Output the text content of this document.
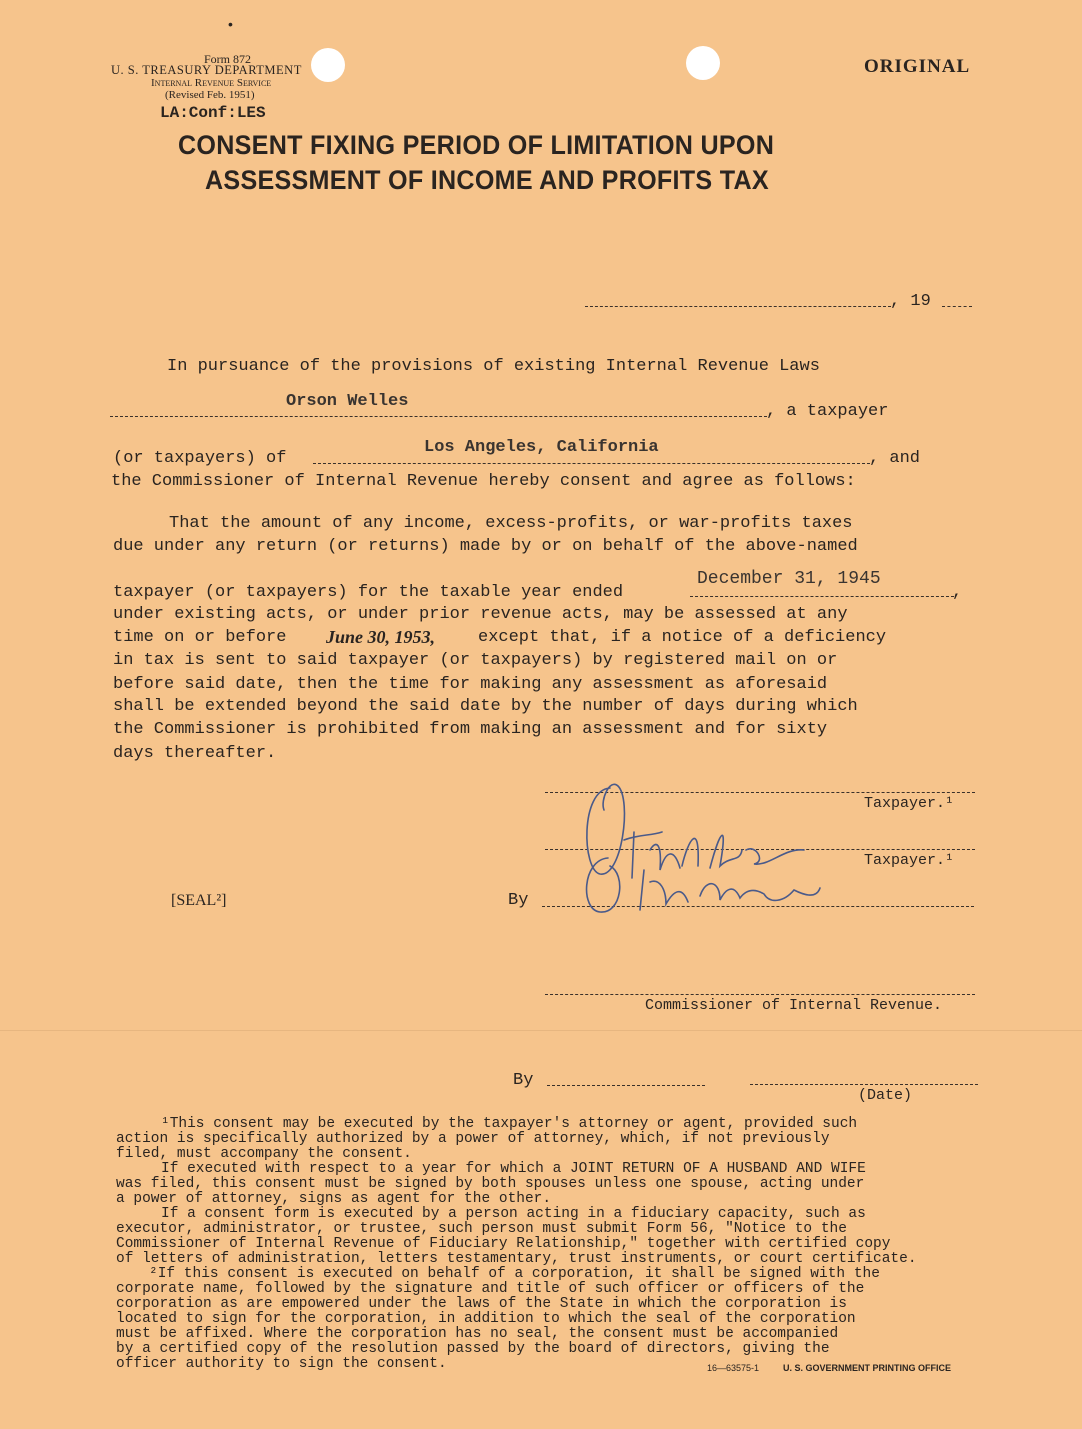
•
Form 872
U. S. TREASURY DEPARTMENT
Internal Revenue Service
(Revised Feb. 1951)
LA:Conf:LES
ORIGINAL
CONSENT FIXING PERIOD OF LIMITATION UPON
ASSESSMENT OF INCOME AND PROFITS TAX
, 19
In pursuance of the provisions of existing Internal Revenue Laws
Orson Welles
, a taxpayer
(or taxpayers) of
Los Angeles, California
, and
the Commissioner of Internal Revenue hereby consent and agree as follows:
That the amount of any income, excess-profits, or war-profits taxes
due under any return (or returns) made by or on behalf of the above-named
taxpayer (or taxpayers) for the taxable year ended
December 31, 1945
,
under existing acts, or under prior revenue acts, may be assessed at any
time on or before June 30, 1953,	except that, if a notice of a deficiency
in tax is sent to said taxpayer (or taxpayers) by registered mail on or
before said date, then the time for making any assessment as aforesaid
shall be extended beyond the said date by the number of days during which
the Commissioner is prohibited from making an assessment and for sixty
days thereafter.
Taxpayer.¹
Taxpayer.¹
[SEAL²]	By
Commissioner of Internal Revenue.
By
(Date)
¹This consent may be executed by the taxpayer's attorney or agent, provided such
action is specifically authorized by a power of attorney, which, if not previously
filed, must accompany the consent.
If executed with respect to a year for which a JOINT RETURN OF A HUSBAND AND WIFE
was filed, this consent must be signed by both spouses unless one spouse, acting under
a power of attorney, signs as agent for the other.
If a consent form is executed by a person acting in a fiduciary capacity, such as
executor, administrator, or trustee, such person must submit Form 56, "Notice to the
Commissioner of Internal Revenue of Fiduciary Relationship," together with certified copy
of letters of administration, letters testamentary, trust instruments, or court certificate.
²If this consent is executed on behalf of a corporation, it shall be signed with the
corporate name, followed by the signature and title of such officer or officers of the
corporation as are empowered under the laws of the State in which the corporation is
located to sign for the corporation, in addition to which the seal of the corporation
must be affixed. Where the corporation has no seal, the consent must be accompanied
by a certified copy of the resolution passed by the board of directors, giving the
officer authority to sign the consent.	16—63575-1	U. S. GOVERNMENT PRINTING OFFICE
